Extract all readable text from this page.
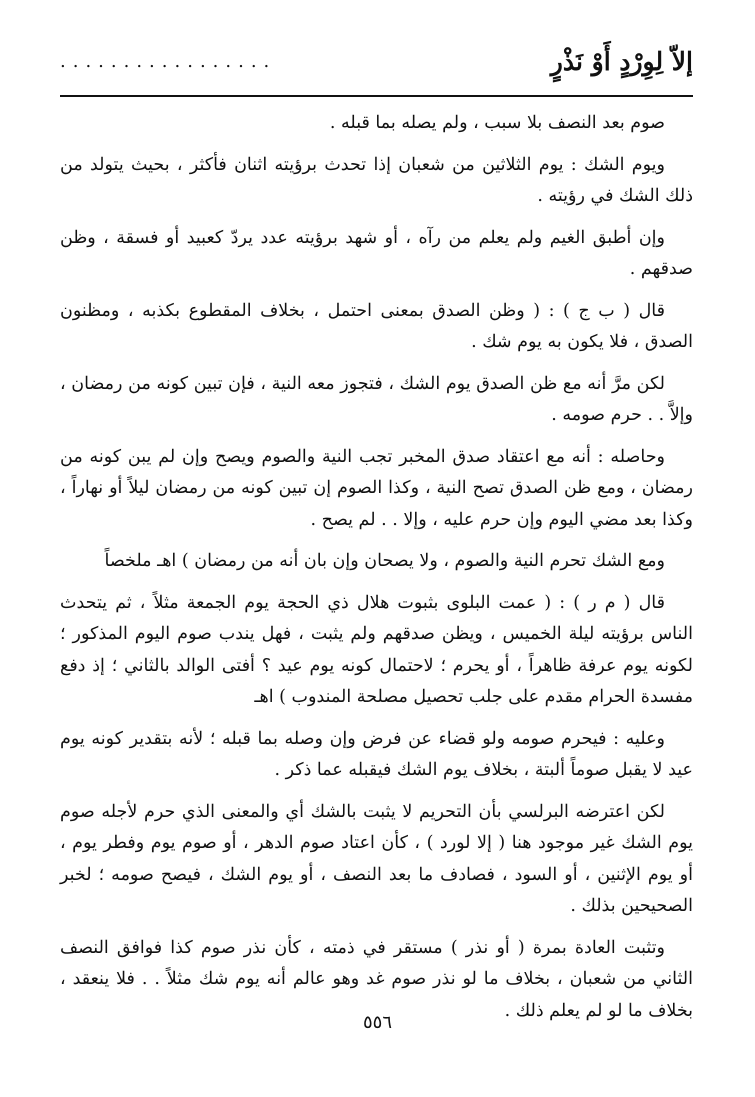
إلاّ لِوِرْدٍ أَوْ نَذْرٍ
.................

صوم بعد النصف بلا سبب ، ولم يصله بما قبله .

ويوم الشك : يوم الثلاثين من شعبان إذا تحدث برؤيته اثنان فأكثر ، بحيث يتولد من ذلك الشك في رؤيته .

وإن أطبق الغيم ولم يعلم من رآه ، أو شهد برؤيته عدد يردّ كعبيد أو فسقة ، وظن صدقهم .

قال ( ب ج ) : ( وظن الصدق بمعنى احتمل ، بخلاف المقطوع بكذبه ، ومظنون الصدق ، فلا يكون به يوم شك .

لكن مرَّ أنه مع ظن الصدق يوم الشك ، فتجوز معه النية ، فإن تبين كونه من رمضان ، وإلاَّ . . حرم صومه .

وحاصله : أنه مع اعتقاد صدق المخبر تجب النية والصوم ويصح وإن لم يبن كونه من رمضان ، ومع ظن الصدق تصح النية ، وكذا الصوم إن تبين كونه من رمضان ليلاً أو نهاراً ، وكذا بعد مضي اليوم وإن حرم عليه ، وإلا . . لم يصح .

ومع الشك تحرم النية والصوم ، ولا يصحان وإن بان أنه من رمضان ) اهـ ملخصاً

قال ( م ر ) : ( عمت البلوى بثبوت هلال ذي الحجة يوم الجمعة مثلاً ، ثم يتحدث الناس برؤيته ليلة الخميس ، ويظن صدقهم ولم يثبت ، فهل يندب صوم اليوم المذكور ؛ لكونه يوم عرفة ظاهراً ، أو يحرم ؛ لاحتمال كونه يوم عيد ؟ أفتى الوالد بالثاني ؛ إذ دفع مفسدة الحرام مقدم على جلب تحصيل مصلحة المندوب ) اهـ

وعليه : فيحرم صومه ولو قضاء عن فرض وإن وصله بما قبله ؛ لأنه بتقدير كونه يوم عيد لا يقبل صوماً ألبتة ، بخلاف يوم الشك فيقبله عما ذكر .

لكن اعترضه البرلسي بأن التحريم لا يثبت بالشك أي والمعنى الذي حرم لأجله صوم يوم الشك غير موجود هنا ( إلا لورد ) ، كأن اعتاد صوم الدهر ، أو صوم يوم وفطر يوم ، أو يوم الإثنين ، أو السود ، فصادف ما بعد النصف ، أو يوم الشك ، فيصح صومه ؛ لخبر الصحيحين بذلك .

وتثبت العادة بمرة ( أو نذر ) مستقر في ذمته ، كأن نذر صوم كذا فوافق النصف الثاني من شعبان ، بخلاف ما لو نذر صوم غد وهو عالم أنه يوم شك مثلاً . . فلا ينعقد ، بخلاف ما لو لم يعلم ذلك .

٥٥٦
